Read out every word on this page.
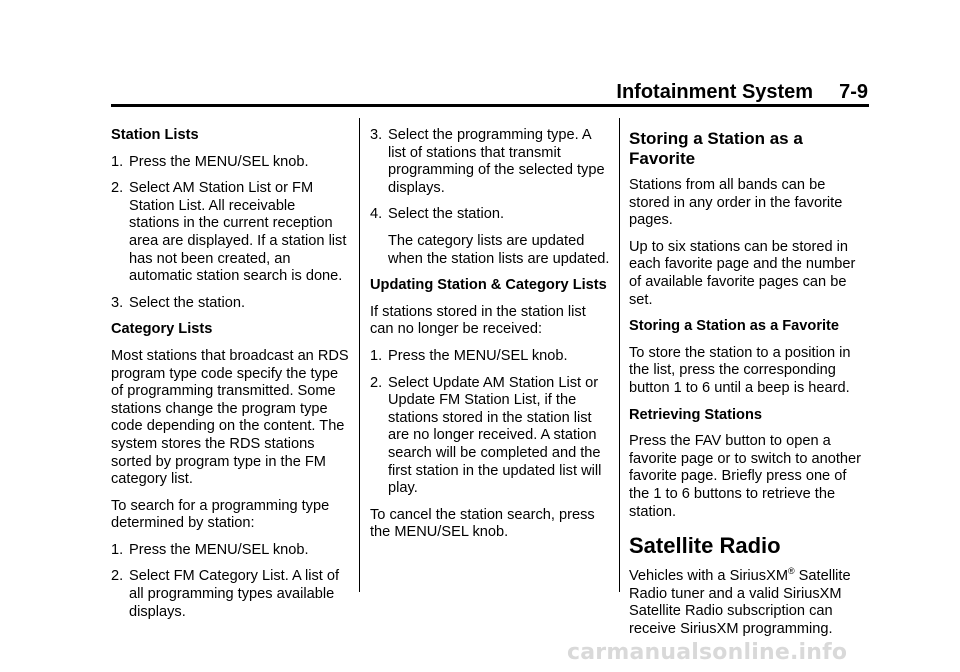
Infotainment System 7-9

Station Lists

1. Press the MENU/SEL knob.
2. Select AM Station List or FM Station List. All receivable stations in the current reception area are displayed. If a station list has not been created, an automatic station search is done.
3. Select the station.

Category Lists

Most stations that broadcast an RDS program type code specify the type of programming transmitted. Some stations change the program type code depending on the content. The system stores the RDS stations sorted by program type in the FM category list.

To search for a programming type determined by station:

1. Press the MENU/SEL knob.
2. Select FM Category List. A list of all programming types available displays.
3. Select the programming type. A list of stations that transmit programming of the selected type displays.
4. Select the station.

The category lists are updated when the station lists are updated.

Updating Station & Category Lists

If stations stored in the station list can no longer be received:

1. Press the MENU/SEL knob.
2. Select Update AM Station List or Update FM Station List, if the stations stored in the station list are no longer received. A station search will be completed and the first station in the updated list will play.

To cancel the station search, press the MENU/SEL knob.

Storing a Station as a Favorite

Stations from all bands can be stored in any order in the favorite pages.

Up to six stations can be stored in each favorite page and the number of available favorite pages can be set.

Storing a Station as a Favorite

To store the station to a position in the list, press the corresponding button 1 to 6 until a beep is heard.

Retrieving Stations

Press the FAV button to open a favorite page or to switch to another favorite page. Briefly press one of the 1 to 6 buttons to retrieve the station.

Satellite Radio

Vehicles with a SiriusXM® Satellite Radio tuner and a valid SiriusXM Satellite Radio subscription can receive SiriusXM programming.

carmanualsonline.info
